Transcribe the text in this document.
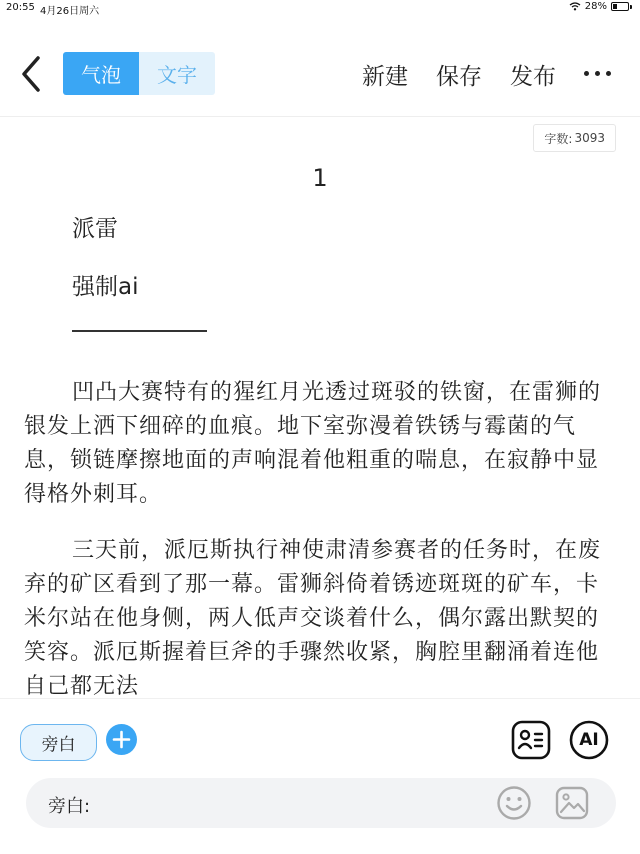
20:55 4月26日周六	28%
气泡	文字	新建 保存 发布
字数: 3093
1
派雷
强制ai

凹凸大赛特有的猩红月光透过斑驳的铁窗，在雷狮的银发上洒下细碎的血痕。地下室弥漫着铁锈与霉菌的气息，锁链摩擦地面的声响混着他粗重的喘息，在寂静中显得格外刺耳。

三天前，派厄斯执行神使肃清参赛者的任务时，在废弃的矿区看到了那一幕。雷狮斜倚着锈迹斑斑的矿车，卡米尔站在他身侧，两人低声交谈着什么，偶尔露出默契的笑容。派厄斯握着巨斧的手骤然收紧，胸腔里翻涌着连他自己都无法

旁白	AI
旁白:
